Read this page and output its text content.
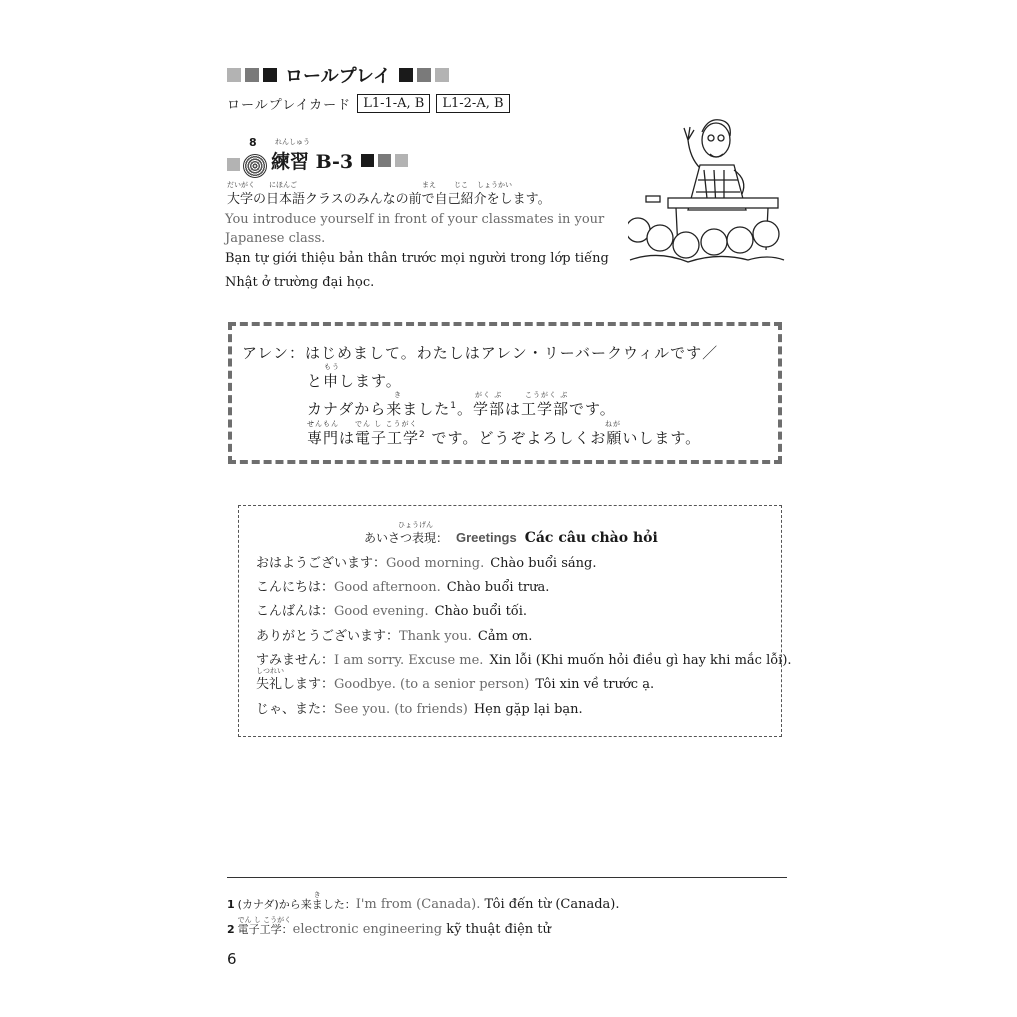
ロールプレイ
ロールプレイカード L1-1-A, B	L1-2-A, B
8	れんしゅう
練習 B-3
大学の日本語クラスのみんなの前で自己紹介をします。
だいがく にほんご	まえ	じこ しょうかい
You introduce yourself in front of your classmates in your Japanese class.
Bạn tự giới thiệu bản thân trước mọi người trong lớp tiếng Nhật ở trường đại học.
アレン：はじめまして。わたしはアレン・リーバークウィルです／
と申します。
もう
カナダから来ました$^1$。学部は工学部です。
き	がく ぶ	こうがく ぶ
専門は電子工学$^2$ です。どうぞよろしくお願いします。
せんもん でん し こうがく	ねが
あいさつ表現：
ひょうげん
Greetings Các câu chào hỏi
おはようございます：Good morning. Chào buổi sáng.
こんにちは：Good afternoon. Chào buổi trưa.
こんばんは：Good evening. Chào buổi tối.
ありがとうございます：Thank you. Cảm ơn.
すみません：I am sorry. Excuse me. Xin lỗi (Khi muốn hỏi điều gì hay khi mắc lỗi).
しつれい
失礼します：Goodbye. (to a senior person) Tôi xin về trước ạ.
じゃ、また：See you. (to friends) Hẹn gặp lại bạn.
1 (カナダ)から来ました：
き
I'm from (Canada). Tôi đến từ (Canada).
2 電子工学：
でん し こうがく
electronic engineering kỹ thuật điện tử
6
